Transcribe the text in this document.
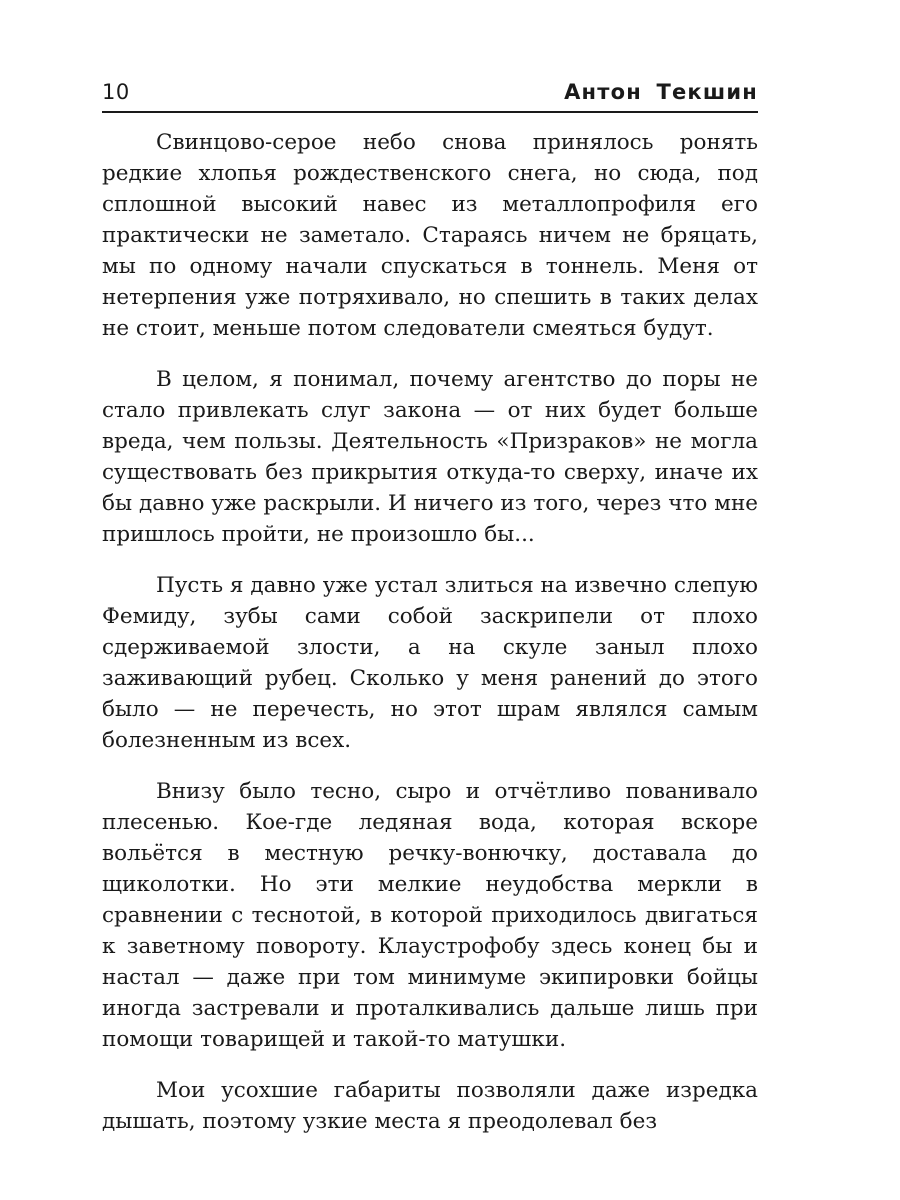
10	Антон Текшин

Свинцово-серое небо снова принялось ронять редкие хлопья рождественского снега, но сюда, под сплошной высокий навес из металлопрофиля его практически не заметало. Стараясь ничем не бряцать, мы по одному начали спускаться в тоннель. Меня от нетерпения уже потряхивало, но спешить в таких делах не стоит, меньше потом следователи смеяться будут.

В целом, я понимал, почему агентство до поры не стало привлекать слуг закона — от них будет больше вреда, чем пользы. Деятельность «Призраков» не могла существовать без прикрытия откуда-то сверху, иначе их бы давно уже раскрыли. И ничего из того, через что мне пришлось пройти, не произошло бы...

Пусть я давно уже устал злиться на извечно слепую Фемиду, зубы сами собой заскрипели от плохо сдерживаемой злости, а на скуле заныл плохо заживающий рубец. Сколько у меня ранений до этого было — не перечесть, но этот шрам являлся самым болезненным из всех.

Внизу было тесно, сыро и отчётливо пованивало плесенью. Кое-где ледяная вода, которая вскоре вольётся в местную речку-вонючку, доставала до щиколотки. Но эти мелкие неудобства меркли в сравнении с теснотой, в которой приходилось двигаться к заветному повороту. Клаустрофобу здесь конец бы и настал — даже при том минимуме экипировки бойцы иногда застревали и проталкивались дальше лишь при помощи товарищей и такой-то матушки.

Мои усохшие габариты позволяли даже изредка дышать, поэтому узкие места я преодолевал без
